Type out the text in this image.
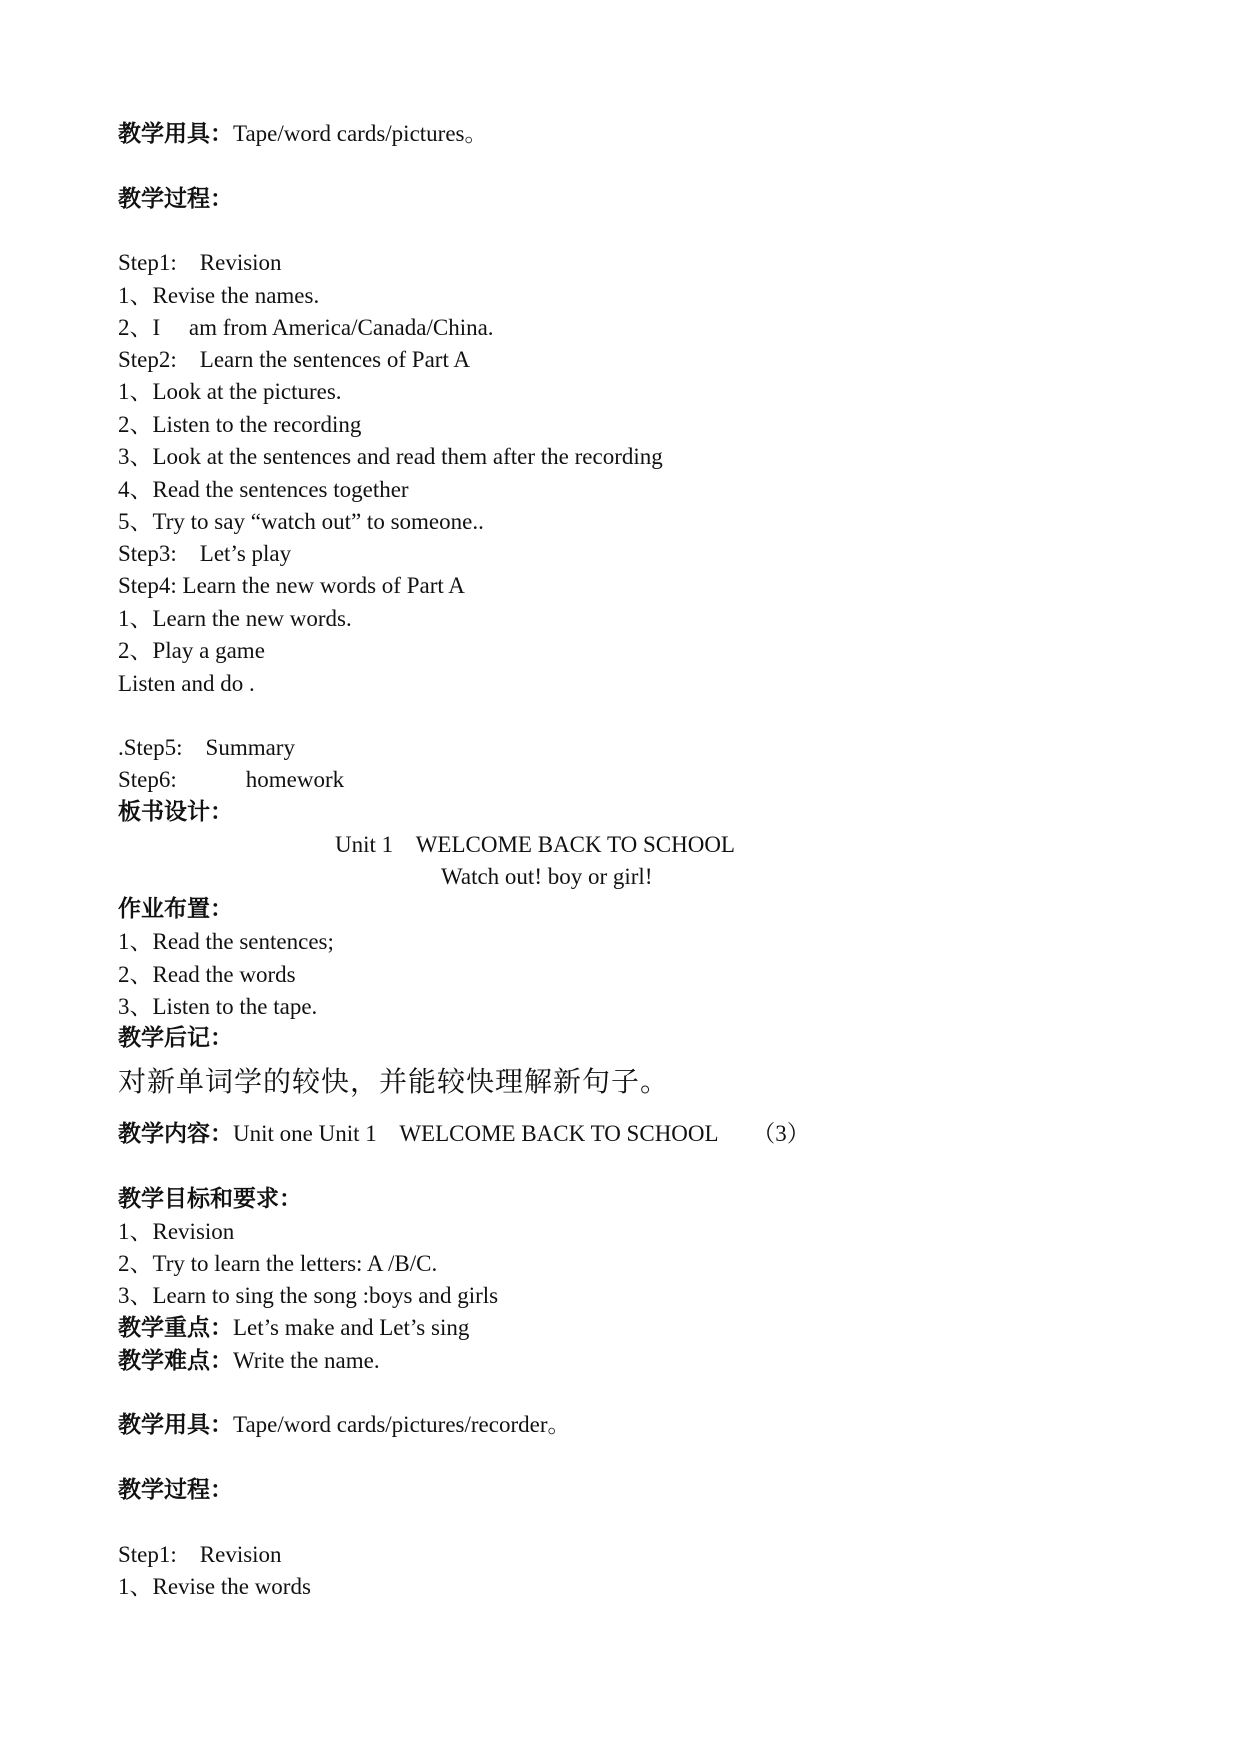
教学用具：Tape/word cards/pictures。
教学过程：
Step1:    Revision
1、Revise the names.
2、I     am from America/Canada/China.
Step2:    Learn the sentences of Part A
1、Look at the pictures.
2、Listen to the recording
3、Look at the sentences and read them after the recording
4、Read the sentences together
5、Try to say “watch out” to someone..
Step3:    Let’s play
Step4: Learn the new words of Part A
1、Learn the new words.
2、Play a game
Listen and do .
.Step5:    Summary
Step6:            homework
板书设计：
Unit 1    WELCOME BACK TO SCHOOL
Watch out! boy or girl!
作业布置：
1、Read the sentences;
2、Read the words
3、Listen to the tape.
教学后记：
对新单词学的较快，并能较快理解新句子。
教学内容：Unit one Unit 1    WELCOME BACK TO SCHOOL      （3）
教学目标和要求：
1、Revision
2、Try to learn the letters: A /B/C.
3、Learn to sing the song :boys and girls
教学重点：Let’s make and Let’s sing
教学难点：Write the name.
教学用具：Tape/word cards/pictures/recorder。
教学过程：
Step1:    Revision
1、Revise the words
